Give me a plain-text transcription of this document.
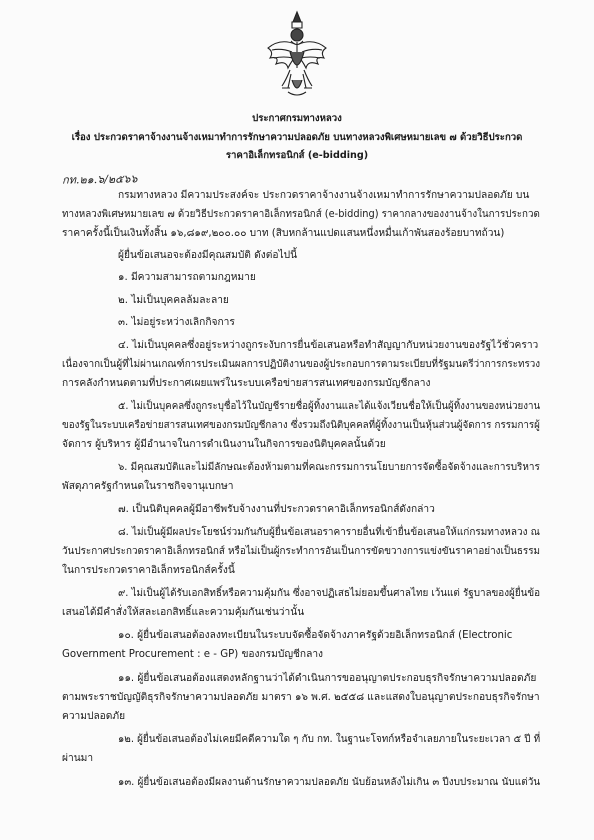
ประกาศกรมทางหลวง
เรื่อง ประกวดราคาจ้างงานจ้างเหมาทำการรักษาความปลอดภัย บนทางหลวงพิเศษหมายเลข ๗ ด้วยวิธีประกวด
ราคาอิเล็กทรอนิกส์ (e-bidding)
กท.๒๑.๖/๒๕๖๖
กรมทางหลวง มีความประสงค์จะ ประกวดราคาจ้างงานจ้างเหมาทำการรักษาความปลอดภัย บน
ทางหลวงพิเศษหมายเลข ๗ ด้วยวิธีประกวดราคาอิเล็กทรอนิกส์ (e-bidding) ราคากลางของงานจ้างในการประกวด
ราคาครั้งนี้เป็นเงินทั้งสิ้น ๑๖,๘๑๙,๒๐๐.๐๐ บาท (สิบหกล้านแปดแสนหนึ่งหมื่นเก้าพันสองร้อยบาทถ้วน)
ผู้ยื่นข้อเสนอจะต้องมีคุณสมบัติ ดังต่อไปนี้
๑. มีความสามารถตามกฎหมาย
๒. ไม่เป็นบุคคลล้มละลาย
๓. ไม่อยู่ระหว่างเลิกกิจการ
๔. ไม่เป็นบุคคลซึ่งอยู่ระหว่างถูกระงับการยื่นข้อเสนอหรือทำสัญญากับหน่วยงานของรัฐไว้ชั่วคราว
เนื่องจากเป็นผู้ที่ไม่ผ่านเกณฑ์การประเมินผลการปฏิบัติงานของผู้ประกอบการตามระเบียบที่รัฐมนตรีว่าการกระทรวง
การคลังกำหนดตามที่ประกาศเผยแพร่ในระบบเครือข่ายสารสนเทศของกรมบัญชีกลาง
๕. ไม่เป็นบุคคลซึ่งถูกระบุชื่อไว้ในบัญชีรายชื่อผู้ทิ้งงานและได้แจ้งเวียนชื่อให้เป็นผู้ทิ้งงานของหน่วยงาน
ของรัฐในระบบเครือข่ายสารสนเทศของกรมบัญชีกลาง ซึ่งรวมถึงนิติบุคคลที่ผู้ทิ้งงานเป็นหุ้นส่วนผู้จัดการ กรรมการผู้
จัดการ ผู้บริหาร ผู้มีอำนาจในการดำเนินงานในกิจการของนิติบุคคลนั้นด้วย
๖. มีคุณสมบัติและไม่มีลักษณะต้องห้ามตามที่คณะกรรมการนโยบายการจัดซื้อจัดจ้างและการบริหาร
พัสดุภาครัฐกำหนดในราชกิจจานุเบกษา
๗. เป็นนิติบุคคลผู้มีอาชีพรับจ้างงานที่ประกวดราคาอิเล็กทรอนิกส์ดังกล่าว
๘. ไม่เป็นผู้มีผลประโยชน์ร่วมกันกับผู้ยื่นข้อเสนอราคารายอื่นที่เข้ายื่นข้อเสนอให้แก่กรมทางหลวง ณ
วันประกาศประกวดราคาอิเล็กทรอนิกส์ หรือไม่เป็นผู้กระทำการอันเป็นการขัดขวางการแข่งขันราคาอย่างเป็นธรรม
ในการประกวดราคาอิเล็กทรอนิกส์ครั้งนี้
๙. ไม่เป็นผู้ได้รับเอกสิทธิ์หรือความคุ้มกัน ซึ่งอาจปฏิเสธไม่ยอมขึ้นศาลไทย เว้นแต่ รัฐบาลของผู้ยื่นข้อ
เสนอได้มีคำสั่งให้สละเอกสิทธิ์และความคุ้มกันเช่นว่านั้น
๑๐. ผู้ยื่นข้อเสนอต้องลงทะเบียนในระบบจัดซื้อจัดจ้างภาครัฐด้วยอิเล็กทรอนิกส์ (Electronic
Government Procurement : e - GP) ของกรมบัญชีกลาง
๑๑. ผู้ยื่นข้อเสนอต้องแสดงหลักฐานว่าได้ดำเนินการขออนุญาตประกอบธุรกิจรักษาความปลอดภัย
ตามพระราชบัญญัติธุรกิจรักษาความปลอดภัย มาตรา ๑๖ พ.ศ. ๒๕๕๘ และแสดงใบอนุญาตประกอบธุรกิจรักษา
ความปลอดภัย
๑๒. ผู้ยื่นข้อเสนอต้องไม่เคยมีคดีความใด ๆ กับ กท. ในฐานะโจทก์หรือจำเลยภายในระยะเวลา ๕ ปี ที่
ผ่านมา
๑๓. ผู้ยื่นข้อเสนอต้องมีผลงานด้านรักษาความปลอดภัย นับย้อนหลังไม่เกิน ๓ ปีงบประมาณ นับแต่วัน
